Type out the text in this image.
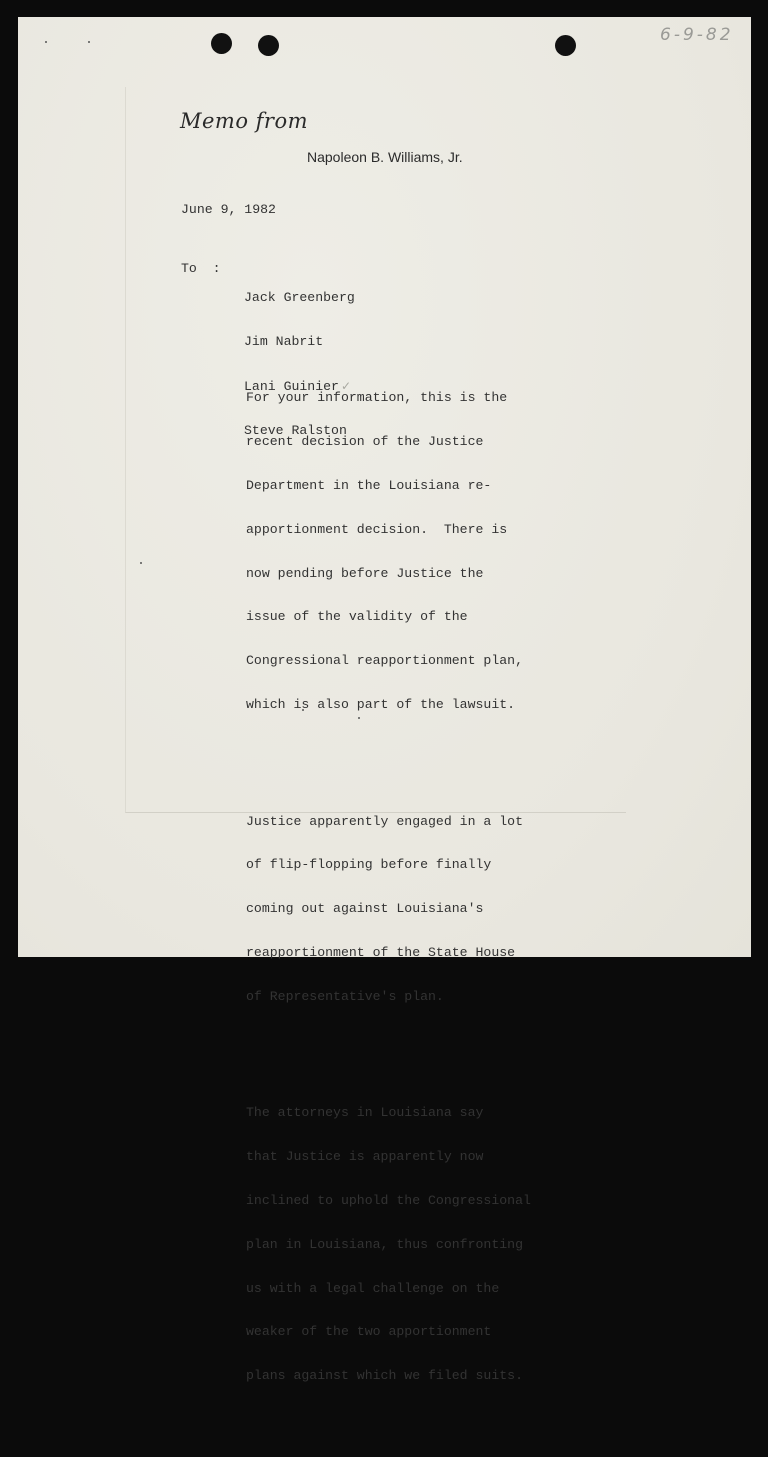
6-9-82
Memo from
Napoleon B. Williams, Jr.
June 9, 1982
To  :

Jack Greenberg

Jim Nabrit

Lani Guinier ✓

Steve Ralston

For your information, this is the

recent decision of the Justice

Department in the Louisiana re-

apportionment decision.  There is

now pending before Justice the

issue of the validity of the

Congressional reapportionment plan,

which is also part of the lawsuit.

Justice apparently engaged in a lot

of flip-flopping before finally

coming out against Louisiana's

reapportionment of the State House

of Representative's plan.

The attorneys in Louisiana say

that Justice is apparently now

inclined to uphold the Congressional

plan in Louisiana, thus confronting

us with a legal challenge on the

weaker of the two apportionment

plans against which we filed suits.
